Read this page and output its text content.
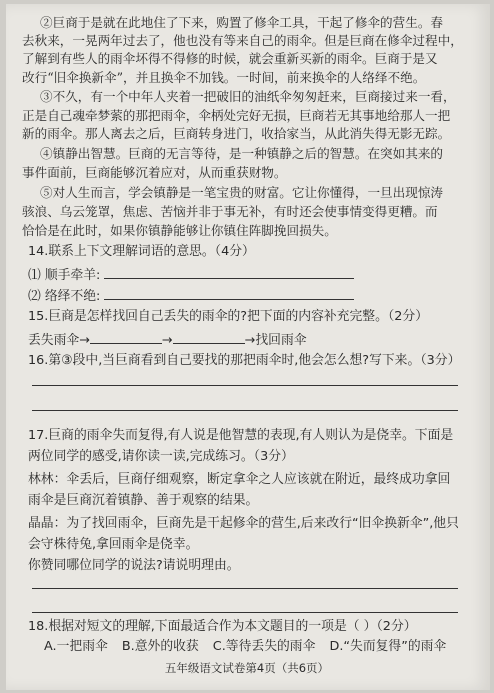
②巨商于是就在此地住了下来，购置了修伞工具，干起了修伞的营生。春
去秋来，一晃两年过去了，他也没有等来自己的雨伞。但是巨商在修伞过程中，
了解到有些人的雨伞坏得不得修的时候，就会重新买新的雨伞。巨商于是又
改行“旧伞换新伞”，并且换伞不加钱。一时间，前来换伞的人络绎不绝。
③不久，有一个中年人夹着一把破旧的油纸伞匆匆赶来，巨商接过来一看，
正是自己魂牵梦萦的那把雨伞，伞柄处完好无损，巨商若无其事地给那人一把
新的雨伞。那人离去之后，巨商转身进门，收拾家当，从此消失得无影无踪。
④镇静出智慧。巨商的无言等待，是一种镇静之后的智慧。在突如其来的
事件面前，巨商能够沉着应对，从而重获财物。
⑤对人生而言，学会镇静是一笔宝贵的财富。它让你懂得，一旦出现惊涛
骇浪、乌云笼罩，焦虑、苦恼并非于事无补，有时还会使事情变得更糟。而
恰恰是在此时，如果你镇静能够让你镇住阵脚挽回损失。
14.联系上下文理解词语的意思。（4分）
⑴ 顺手牵羊:
⑵ 络绎不绝:
15.巨商是怎样找回自己丢失的雨伞的?把下面的内容补充完整。（2分）
丢失雨伞→	→	→找回雨伞
16.第③段中,当巨商看到自己要找的那把雨伞时,他会怎么想?写下来。（3分）
17.巨商的雨伞失而复得,有人说是他智慧的表现,有人则认为是侥幸。下面是
两位同学的感受,请你读一读,完成练习。（3分）
林林：伞丢后，巨商仔细观察，断定拿伞之人应该就在附近，最终成功拿回
雨伞是巨商沉着镇静、善于观察的结果。
晶晶：为了找回雨伞，巨商先是干起修伞的营生,后来改行“旧伞换新伞”,他只
会守株待兔,拿回雨伞是侥幸。
你赞同哪位同学的说法?请说明理由。
18.根据对短文的理解,下面最适合作为本文题目的一项是（ ）（2分）
A.一把雨伞 B.意外的收获 C.等待丢失的雨伞 D.“失而复得”的雨伞
五年级语文试卷第4页（共6页）
